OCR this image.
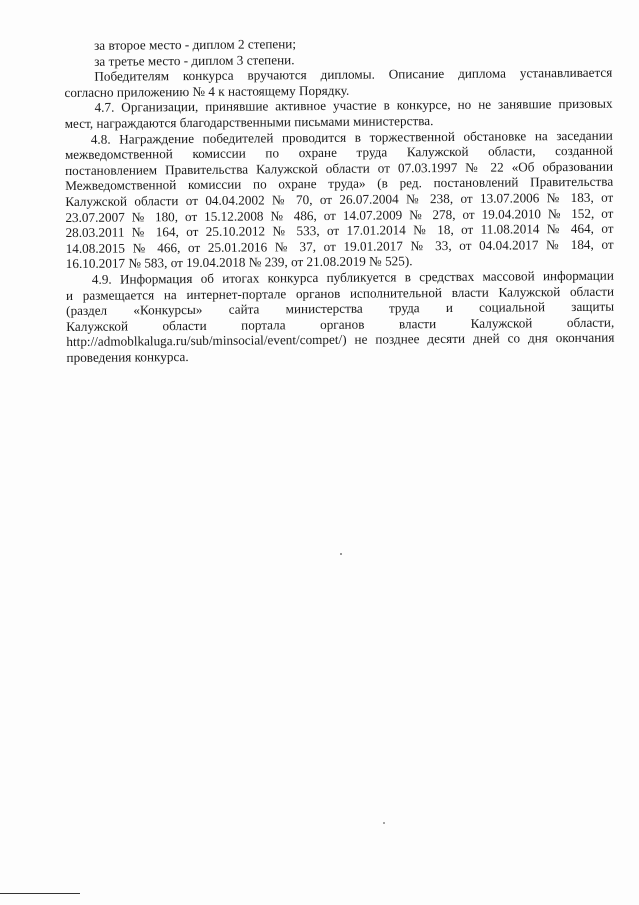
за второе место - диплом 2 степени;
за третье место - диплом 3 степени.
Победителям конкурса вручаются дипломы. Описание диплома устанавливается
согласно приложению № 4 к настоящему Порядку.
4.7. Организации, принявшие активное участие в конкурсе, но не занявшие призовых
мест, награждаются благодарственными письмами министерства.
4.8. Награждение победителей проводится в торжественной обстановке на заседании
межведомственной комиссии по охране труда Калужской области, созданной
постановлением Правительства Калужской области от 07.03.1997 № 22 «Об образовании
Межведомственной комиссии по охране труда» (в ред. постановлений Правительства
Калужской области от 04.04.2002 № 70, от 26.07.2004 № 238, от 13.07.2006 № 183, от
23.07.2007 № 180, от 15.12.2008 № 486, от 14.07.2009 № 278, от 19.04.2010 № 152, от
28.03.2011 № 164, от 25.10.2012 № 533, от 17.01.2014 № 18, от 11.08.2014 № 464, от
14.08.2015 № 466, от 25.01.2016 № 37, от 19.01.2017 № 33, от 04.04.2017 № 184, от
16.10.2017 № 583, от 19.04.2018 № 239, от 21.08.2019 № 525).
4.9. Информация об итогах конкурса публикуется в средствах массовой информации
и размещается на интернет-портале органов исполнительной власти Калужской области
(раздел «Конкурсы» сайта министерства труда и социальной защиты
Калужской области портала органов власти Калужской области,
http://admoblkaluga.ru/sub/minsocial/event/compet/) не позднее десяти дней со дня окончания
проведения конкурса.
